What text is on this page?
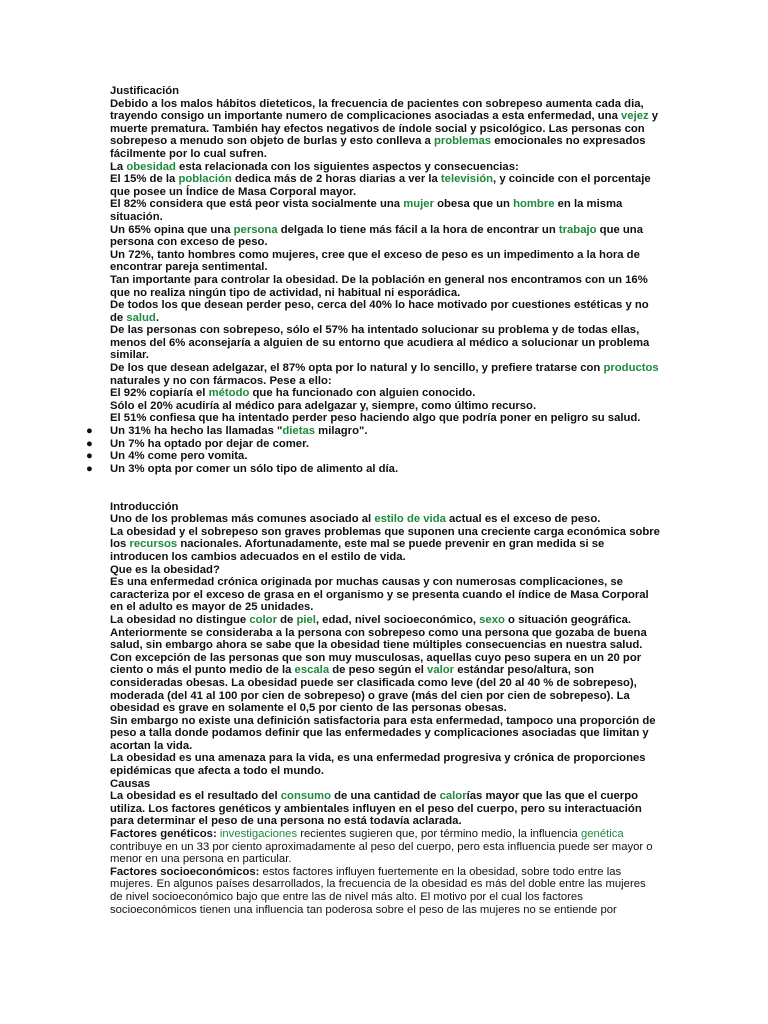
Justificación

Debido a los malos hábitos dieteticos, la frecuencia de pacientes con sobrepeso aumenta cada dia, trayendo consigo un importante numero de complicaciones asociadas a esta enfermedad, una vejez y muerte prematura. También hay efectos negativos de índole social y psicológico. Las personas con sobrepeso a menudo son objeto de burlas y esto conlleva a problemas emocionales no expresados fácilmente por lo cual sufren.

La obesidad esta relacionada con los siguientes aspectos y consecuencias:

El 15% de la población dedica más de 2 horas diarias a ver la televisión, y coincide con el porcentaje que posee un Índice de Masa Corporal mayor.

El 82% considera que está peor vista socialmente una mujer obesa que un hombre en la misma situación.

Un 65% opina que una persona delgada lo tiene más fácil a la hora de encontrar un trabajo que una persona con exceso de peso.

Un 72%, tanto hombres como mujeres, cree que el exceso de peso es un impedimento a la hora de encontrar pareja sentimental.

Tan importante para controlar la obesidad. De la población en general nos encontramos con un 16% que no realiza ningún tipo de actividad, ni habitual ni esporádica.

De todos los que desean perder peso, cerca del 40% lo hace motivado por cuestiones estéticas y no de salud.

De las personas con sobrepeso, sólo el 57% ha intentado solucionar su problema y de todas ellas, menos del 6% aconsejaría a alguien de su entorno que acudiera al médico a solucionar un problema similar.

De los que desean adelgazar, el 87% opta por lo natural y lo sencillo, y prefiere tratarse con productos naturales y no con fármacos. Pese a ello:

El 92% copiaría el método que ha funcionado con alguien conocido.

Sólo el 20% acudiría al médico para adelgazar y, siempre, como último recurso.

El 51% confiesa que ha intentado perder peso haciendo algo que podría poner en peligro su salud.

● Un 31% ha hecho las llamadas "dietas milagro".
● Un 7% ha optado por dejar de comer.
● Un 4% come pero vomita.
● Un 3% opta por comer un sólo tipo de alimento al día.

Introducción

Uno de los problemas más comunes asociado al estilo de vida actual es el exceso de peso.

La obesidad y el sobrepeso son graves problemas que suponen una creciente carga económica sobre los recursos nacionales. Afortunadamente, este mal se puede prevenir en gran medida si se introducen los cambios adecuados en el estilo de vida.

Que es la obesidad?

Es una enfermedad crónica originada por muchas causas y con numerosas complicaciones, se caracteriza por el exceso de grasa en el organismo y se presenta cuando el índice de Masa Corporal en el adulto es mayor de 25 unidades.

La obesidad no distingue color de piel, edad, nivel socioeconómico, sexo o situación geográfica.

Anteriormente se consideraba a la persona con sobrepeso como una persona que gozaba de buena salud, sin embargo ahora se sabe que la obesidad tiene múltiples consecuencias en nuestra salud.

Con excepción de las personas que son muy musculosas, aquellas cuyo peso supera en un 20 por ciento o más el punto medio de la escala de peso según el valor estándar peso/altura, son consideradas obesas. La obesidad puede ser clasificada como leve (del 20 al 40 % de sobrepeso), moderada (del 41 al 100 por cien de sobrepeso) o grave (más del cien por cien de sobrepeso). La obesidad es grave en solamente el 0,5 por ciento de las personas obesas.

Sin embargo no existe una definición satisfactoria para esta enfermedad, tampoco una proporción de peso a talla donde podamos definir que las enfermedades y complicaciones asociadas que limitan y acortan la vida.

La obesidad es una amenaza para la vida, es una enfermedad progresiva y crónica de proporciones epidémicas que afecta a todo el mundo.

Causas

La obesidad es el resultado del consumo de una cantidad de calorías mayor que las que el cuerpo utiliza. Los factores genéticos y ambientales influyen en el peso del cuerpo, pero su interactuación para determinar el peso de una persona no está todavía aclarada.

Factores genéticos: investigaciones recientes sugieren que, por término medio, la influencia genética contribuye en un 33 por ciento aproximadamente al peso del cuerpo, pero esta influencia puede ser mayor o menor en una persona en particular.

Factores socioeconómicos: estos factores influyen fuertemente en la obesidad, sobre todo entre las mujeres. En algunos países desarrollados, la frecuencia de la obesidad es más del doble entre las mujeres de nivel socioeconómico bajo que entre las de nivel más alto. El motivo por el cual los factores socioeconómicos tienen una influencia tan poderosa sobre el peso de las mujeres no se entiende por
